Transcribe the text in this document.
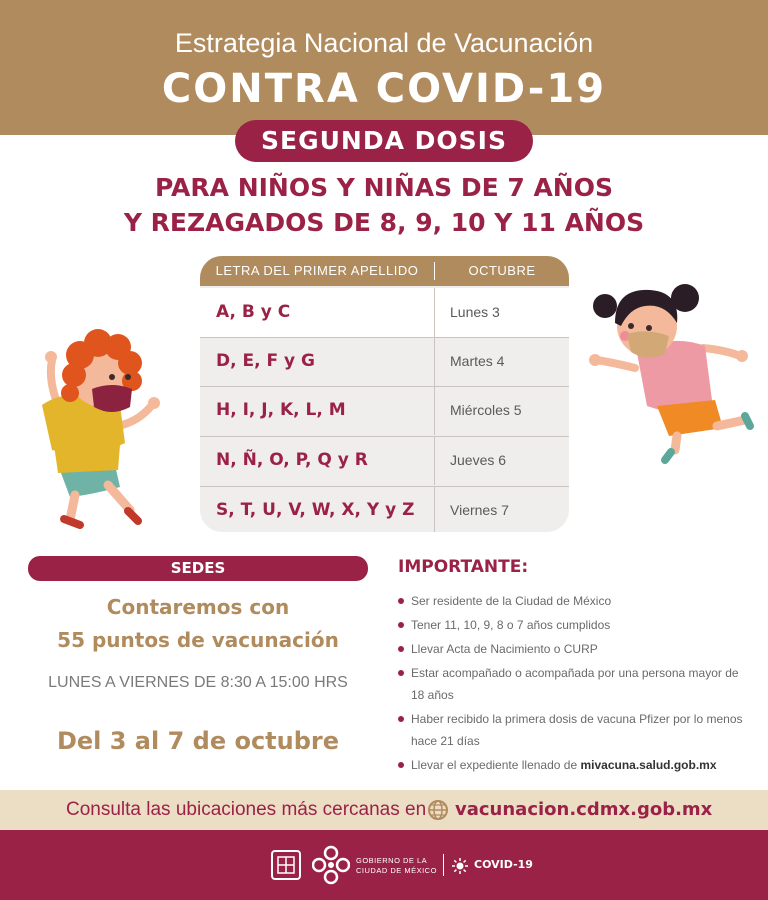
Estrategia Nacional de Vacunación
CONTRA COVID-19
SEGUNDA DOSIS
PARA NIÑOS Y NIÑAS DE 7 AÑOS
Y REZAGADOS DE 8, 9, 10 Y 11 AÑOS
LETRA DEL PRIMER APELLIDO	OCTUBRE
A, B y C	Lunes 3
D, E, F y G	Martes 4
H, I, J, K, L, M	Miércoles 5
N, Ñ, O, P, Q y R	Jueves 6
S, T, U, V, W, X, Y y Z	Viernes 7
SEDES
Contaremos con
55 puntos de vacunación
LUNES A VIERNES DE 8:30 A 15:00 HRS
Del 3 al 7 de octubre
IMPORTANTE:
Ser residente de la Ciudad de México
Tener 11, 10, 9, 8 o 7 años cumplidos
Llevar Acta de Nacimiento o CURP
Estar acompañado o acompañada por una persona mayor de 18 años
Haber recibido la primera dosis de vacuna Pfizer por lo menos hace 21 días
Llevar el expediente llenado de mivacuna.salud.gob.mx
Consulta las ubicaciones más cercanas en vacunacion.cdmx.gob.mx
GOBIERNO DE LA
CIUDAD DE MÉXICO	COVID-19
